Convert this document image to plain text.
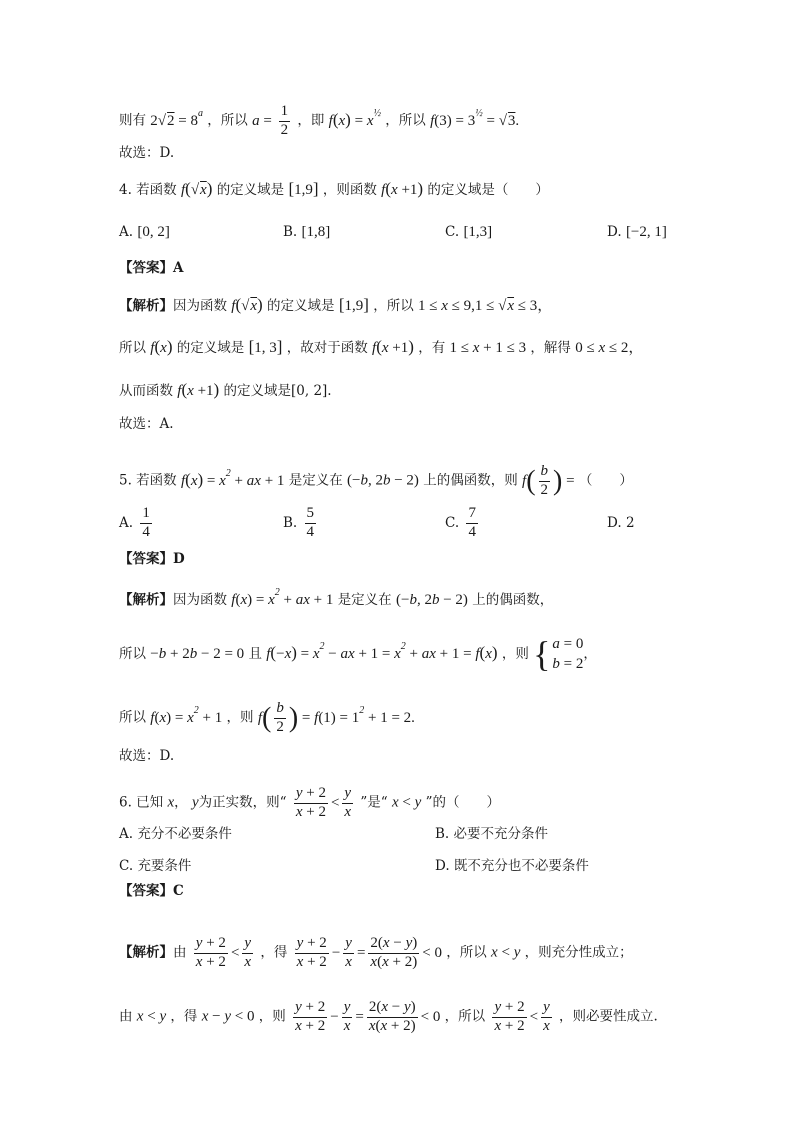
则有 $2√2 = 8^a$ ，所以 $a = \frac{1}{2}$ ，即 $f(x) = x^{\frac{1}{2}}$ ，所以 $f(3) = 3^{\frac{1}{2}} = √3$.
故选：D.
4. 若函数 f(√x) 的定义域是 [1,9] ，则函数 f(x +1) 的定义域是（　　）
A. [0, 2]	B. [1,8]	C. [1,3]	D. [−2, 1]
【答案】A
【解析】因为函数 f(√x) 的定义域是 [1,9] ，所以 1 ≤ x ≤ 9,1 ≤ √x ≤ 3，
所以 f(x) 的定义域是 [1, 3] ，故对于函数 f(x +1) ，有 1 ≤ x + 1 ≤ 3 ，解得 0 ≤ x ≤ 2，
从而函数 f(x +1) 的定义域是[0, 2].
故选：A.
5. 若函数 $f(x) = x^2$ + ax + 1 是定义在 (−b, 2b − 2) 上的偶函数，则 $f( \frac{b}{2}$ ) = （　　）
A. $\frac{1}{4}$	B. $\frac{5}{4}$	C. $\frac{7}{4}$	D. 2
【答案】D
【解析】因为函数 $f(x) = x^2$ + ax + 1 是定义在 (−b, 2b − 2) 上的偶函数，
所以 −b + 2b − 2 = 0 且 $f(-x) = x^2$ − ax + $1 = x^2$ + ax + 1 = f(x) ，则 { a = 0
b = 2
，
所以 $f(x) = x^2 + 1$ ，则 $f( \frac{b}{2}$ ) = $f(1) = 1^2 + 1 = 2$.
故选：D.
6. 已知 x， y为正实数，则“ $\frac{y + 2}{x + 2} < \frac{y}{x}$ ”是“ x < y ”的（　　）
A. 充分不必要条件	B. 必要不充分条件
C. 充要条件	D. 既不充分也不必要条件
【答案】C
【解析】由 $\frac{y + 2}{x + 2} < \frac{y}{x}$ ，得 $\frac{y + 2}{x + 2} - \frac{y}{x} = \frac{2(x - y)}{x(x + 2)} < 0$ ，所以 x < y ，则充分性成立；
由 x < y ，得 x − y < 0 ，则 $\frac{y + 2}{x + 2} - \frac{y}{x} = \frac{2(x - y)}{x(x + 2)} < 0$ ，所以 $\frac{y + 2}{x + 2} < \frac{y}{x}$ ，则必要性成立.
